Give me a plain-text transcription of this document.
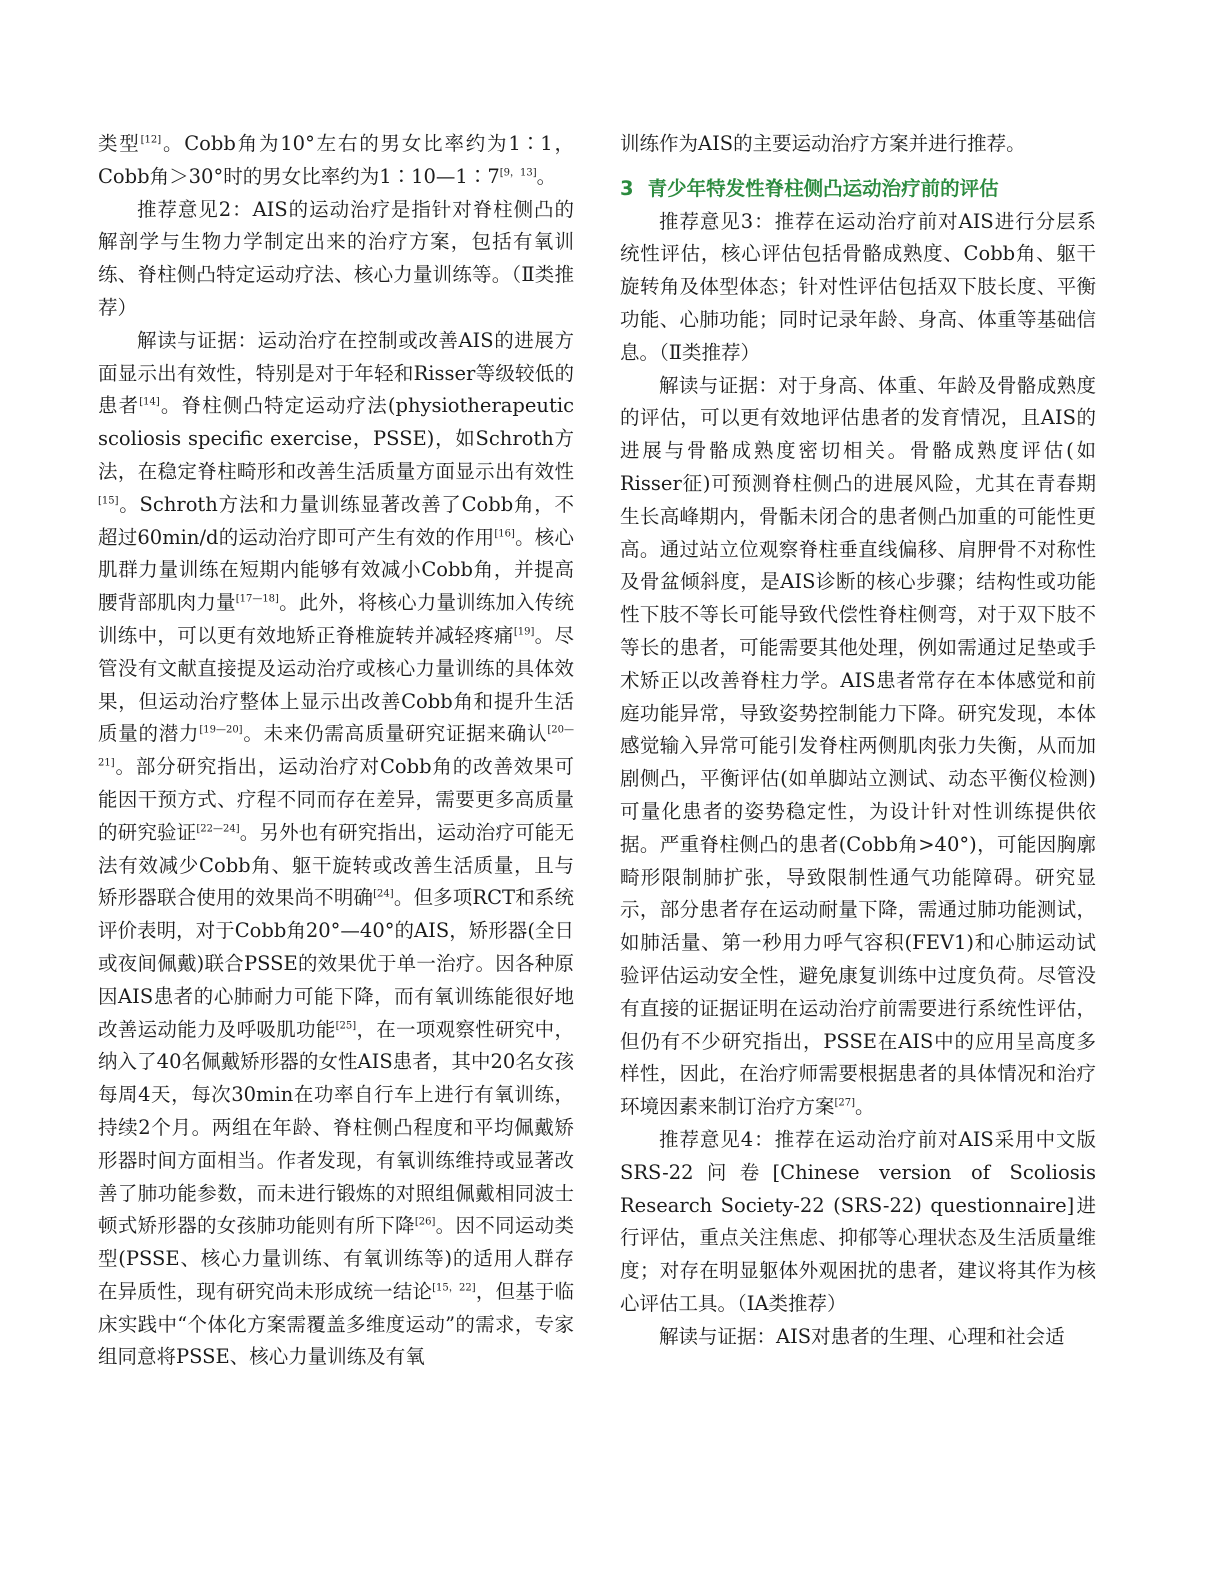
类型[12]。Cobb角为10°左右的男女比率约为1∶1，Cobb角＞30°时的男女比率约为1∶10—1∶7[9，13]。

推荐意见2：AIS的运动治疗是指针对脊柱侧凸的解剖学与生物力学制定出来的治疗方案，包括有氧训练、脊柱侧凸特定运动疗法、核心力量训练等。（Ⅱ类推荐）

解读与证据：运动治疗在控制或改善AIS的进展方面显示出有效性，特别是对于年轻和Risser等级较低的患者[14]。脊柱侧凸特定运动疗法(physiotherapeutic scoliosis specific exercise，PSSE)，如Schroth方法，在稳定脊柱畸形和改善生活质量方面显示出有效性[15]。Schroth方法和力量训练显著改善了Cobb角，不超过60min/d的运动治疗即可产生有效的作用[16]。核心肌群力量训练在短期内能够有效减小Cobb角，并提高腰背部肌肉力量[17—18]。此外，将核心力量训练加入传统训练中，可以更有效地矫正脊椎旋转并减轻疼痛[19]。尽管没有文献直接提及运动治疗或核心力量训练的具体效果，但运动治疗整体上显示出改善Cobb角和提升生活质量的潜力[19—20]。未来仍需高质量研究证据来确认[20—21]。部分研究指出，运动治疗对Cobb角的改善效果可能因干预方式、疗程不同而存在差异，需要更多高质量的研究验证[22—24]。另外也有研究指出，运动治疗可能无法有效减少Cobb角、躯干旋转或改善生活质量，且与矫形器联合使用的效果尚不明确[24]。但多项RCT和系统评价表明，对于Cobb角20°—40°的AIS，矫形器(全日或夜间佩戴)联合PSSE的效果优于单一治疗。因各种原因AIS患者的心肺耐力可能下降，而有氧训练能很好地改善运动能力及呼吸肌功能[25]，在一项观察性研究中，纳入了40名佩戴矫形器的女性AIS患者，其中20名女孩每周4天，每次30min在功率自行车上进行有氧训练，持续2个月。两组在年龄、脊柱侧凸程度和平均佩戴矫形器时间方面相当。作者发现，有氧训练维持或显著改善了肺功能参数，而未进行锻炼的对照组佩戴相同波士顿式矫形器的女孩肺功能则有所下降[26]。因不同运动类型(PSSE、核心力量训练、有氧训练等)的适用人群存在异质性，现有研究尚未形成统一结论[15，22]，但基于临床实践中“个体化方案需覆盖多维度运动”的需求，专家组同意将PSSE、核心力量训练及有氧

训练作为AIS的主要运动治疗方案并进行推荐。

3 青少年特发性脊柱侧凸运动治疗前的评估

推荐意见3：推荐在运动治疗前对AIS进行分层系统性评估，核心评估包括骨骼成熟度、Cobb角、躯干旋转角及体型体态；针对性评估包括双下肢长度、平衡功能、心肺功能；同时记录年龄、身高、体重等基础信息。（Ⅱ类推荐）

解读与证据：对于身高、体重、年龄及骨骼成熟度的评估，可以更有效地评估患者的发育情况，且AIS的进展与骨骼成熟度密切相关。骨骼成熟度评估(如Risser征)可预测脊柱侧凸的进展风险，尤其在青春期生长高峰期内，骨骺未闭合的患者侧凸加重的可能性更高。通过站立位观察脊柱垂直线偏移、肩胛骨不对称性及骨盆倾斜度，是AIS诊断的核心步骤；结构性或功能性下肢不等长可能导致代偿性脊柱侧弯，对于双下肢不等长的患者，可能需要其他处理，例如需通过足垫或手术矫正以改善脊柱力学。AIS患者常存在本体感觉和前庭功能异常，导致姿势控制能力下降。研究发现，本体感觉输入异常可能引发脊柱两侧肌肉张力失衡，从而加剧侧凸，平衡评估(如单脚站立测试、动态平衡仪检测)可量化患者的姿势稳定性，为设计针对性训练提供依据。严重脊柱侧凸的患者(Cobb角>40°)，可能因胸廓畸形限制肺扩张，导致限制性通气功能障碍。研究显示，部分患者存在运动耐量下降，需通过肺功能测试，如肺活量、第一秒用力呼气容积(FEV1)和心肺运动试验评估运动安全性，避免康复训练中过度负荷。尽管没有直接的证据证明在运动治疗前需要进行系统性评估，但仍有不少研究指出，PSSE在AIS中的应用呈高度多样性，因此，在治疗师需要根据患者的具体情况和治疗环境因素来制订治疗方案[27]。

推荐意见4：推荐在运动治疗前对AIS采用中文版SRS-22问卷[Chinese version of Scoliosis Research Society-22 (SRS-22) questionnaire]进行评估，重点关注焦虑、抑郁等心理状态及生活质量维度；对存在明显躯体外观困扰的患者，建议将其作为核心评估工具。（ⅠA类推荐）

解读与证据：AIS对患者的生理、心理和社会适
